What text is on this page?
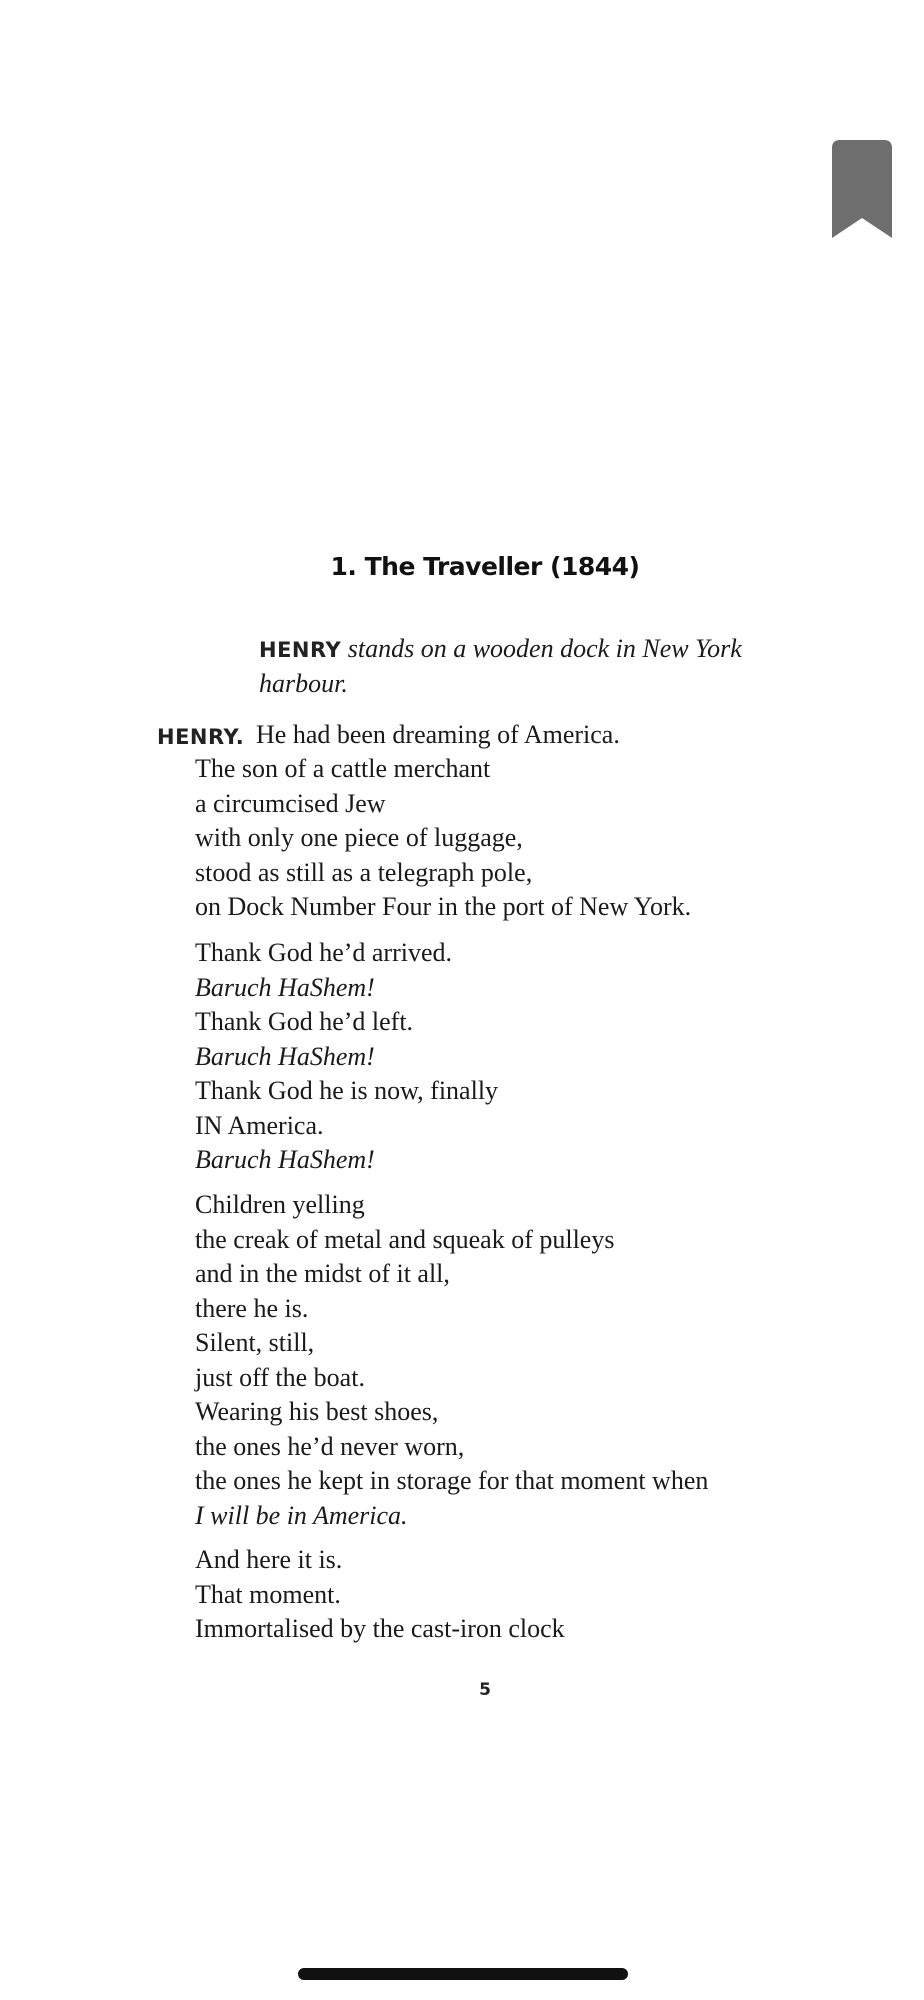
1. The Traveller (1844)
HENRY stands on a wooden dock in New York harbour.
HENRY. He had been dreaming of America.
The son of a cattle merchant
a circumcised Jew
with only one piece of luggage,
stood as still as a telegraph pole,
on Dock Number Four in the port of New York.
Thank God he’d arrived.
Baruch HaShem!
Thank God he’d left.
Baruch HaShem!
Thank God he is now, finally
IN America.
Baruch HaShem!
Children yelling
the creak of metal and squeak of pulleys
and in the midst of it all,
there he is.
Silent, still,
just off the boat.
Wearing his best shoes,
the ones he’d never worn,
the ones he kept in storage for that moment when
I will be in America.
And here it is.
That moment.
Immortalised by the cast-iron clock
5
